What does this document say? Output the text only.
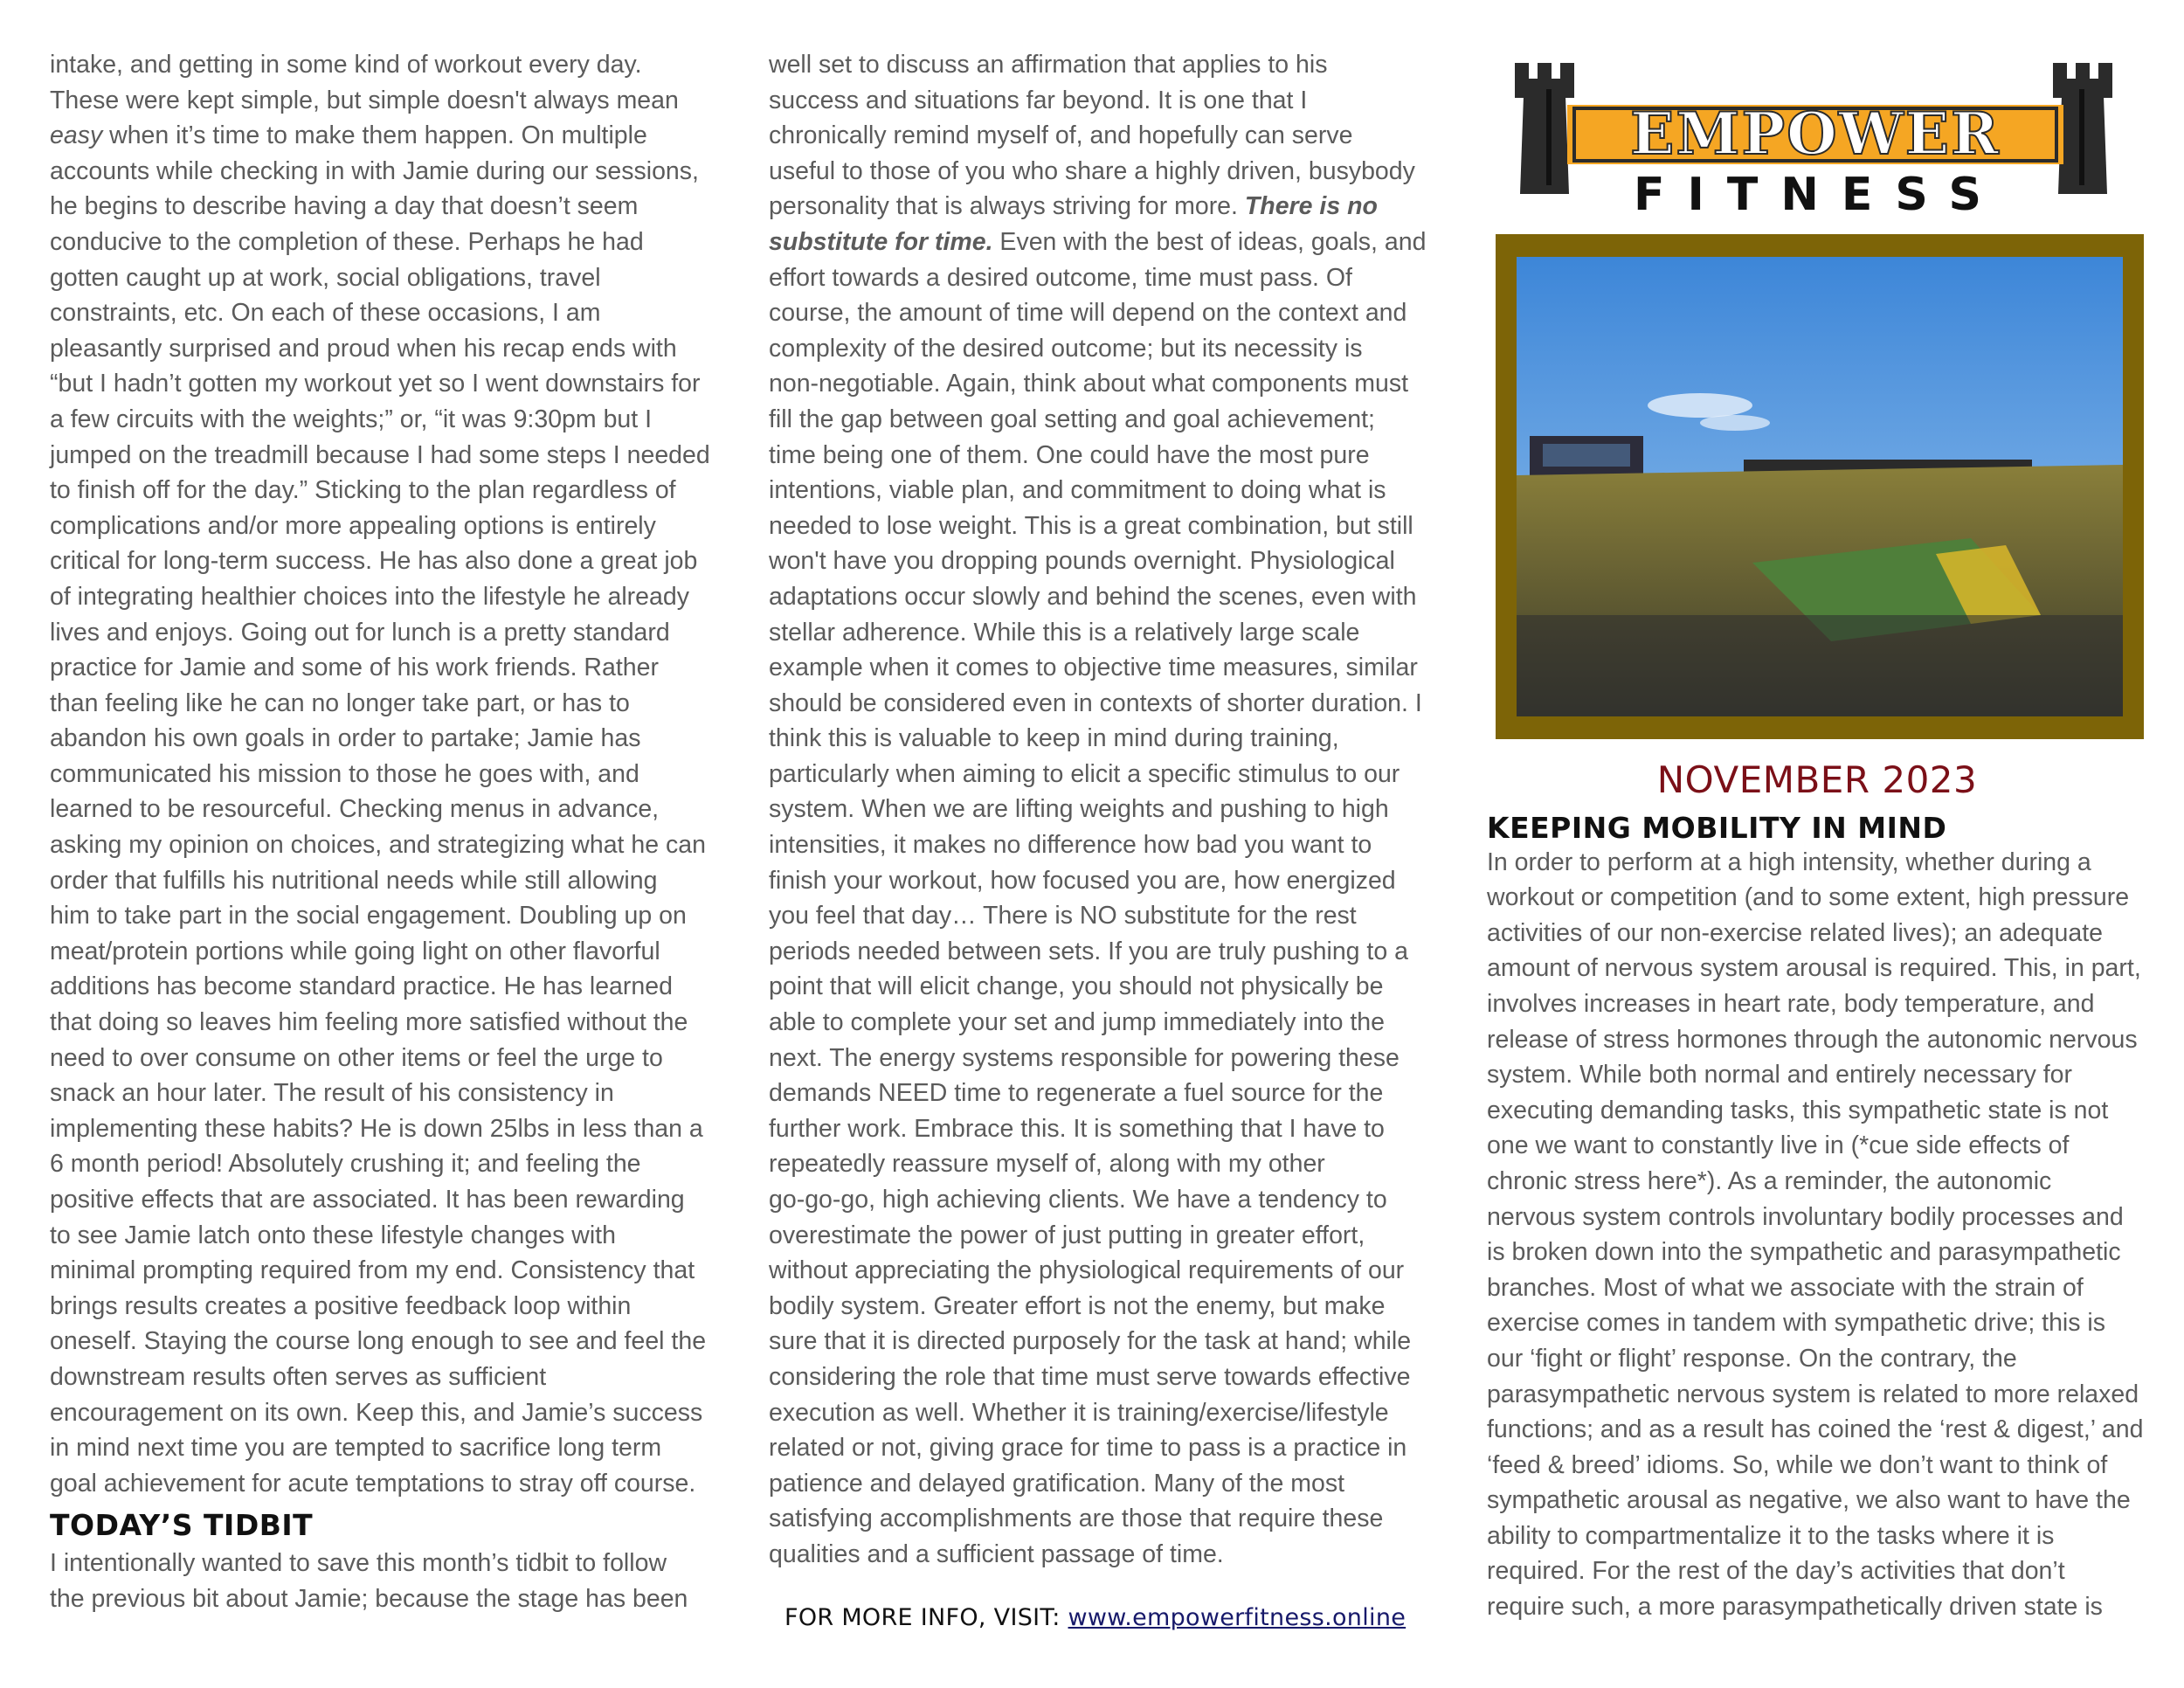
intake, and getting in some kind of workout every day.

These were kept simple, but simple doesn't always mean

easy when it’s time to make them happen. On multiple

accounts while checking in with Jamie during our sessions,

he begins to describe having a day that doesn’t seem

conducive to the completion of these. Perhaps he had

gotten caught up at work, social obligations, travel

constraints, etc. On each of these occasions, I am

pleasantly surprised and proud when his recap ends with

“but I hadn’t gotten my workout yet so I went downstairs for

a few circuits with the weights;” or, “it was 9:30pm but I

jumped on the treadmill because I had some steps I needed

to finish off for the day.” Sticking to the plan regardless of

complications and/or more appealing options is entirely

critical for long-term success. He has also done a great job

of integrating healthier choices into the lifestyle he already

lives and enjoys. Going out for lunch is a pretty standard

practice for Jamie and some of his work friends. Rather

than feeling like he can no longer take part, or has to

abandon his own goals in order to partake; Jamie has

communicated his mission to those he goes with, and

learned to be resourceful. Checking menus in advance,

asking my opinion on choices, and strategizing what he can

order that fulfills his nutritional needs while still allowing

him to take part in the social engagement. Doubling up on

meat/protein portions while going light on other flavorful

additions has become standard practice. He has learned

that doing so leaves him feeling more satisfied without the

need to over consume on other items or feel the urge to

snack an hour later. The result of his consistency in

implementing these habits? He is down 25lbs in less than a

6 month period! Absolutely crushing it; and feeling the

positive effects that are associated. It has been rewarding

to see Jamie latch onto these lifestyle changes with

minimal prompting required from my end. Consistency that

brings results creates a positive feedback loop within

oneself. Staying the course long enough to see and feel the

downstream results often serves as sufficient

encouragement on its own. Keep this, and Jamie’s success

in mind next time you are tempted to sacrifice long term

goal achievement for acute temptations to stray off course.

TODAY’S TIDBIT

I intentionally wanted to save this month’s tidbit to follow

the previous bit about Jamie; because the stage has been

well set to discuss an affirmation that applies to his

success and situations far beyond. It is one that I

chronically remind myself of, and hopefully can serve

useful to those of you who share a highly driven, busybody

personality that is always striving for more. There is no

substitute for time. Even with the best of ideas, goals, and

effort towards a desired outcome, time must pass. Of

course, the amount of time will depend on the context and

complexity of the desired outcome; but its necessity is

non-negotiable. Again, think about what components must

fill the gap between goal setting and goal achievement;

time being one of them. One could have the most pure

intentions, viable plan, and commitment to doing what is

needed to lose weight. This is a great combination, but still

won't have you dropping pounds overnight. Physiological

adaptations occur slowly and behind the scenes, even with

stellar adherence. While this is a relatively large scale

example when it comes to objective time measures, similar

should be considered even in contexts of shorter duration. I

think this is valuable to keep in mind during training,

particularly when aiming to elicit a specific stimulus to our

system. When we are lifting weights and pushing to high

intensities, it makes no difference how bad you want to

finish your workout, how focused you are, how energized

you feel that day… There is NO substitute for the rest

periods needed between sets. If you are truly pushing to a

point that will elicit change, you should not physically be

able to complete your set and jump immediately into the

next. The energy systems responsible for powering these

demands NEED time to regenerate a fuel source for the

further work. Embrace this. It is something that I have to

repeatedly reassure myself of, along with my other

go-go-go, high achieving clients. We have a tendency to

overestimate the power of just putting in greater effort,

without appreciating the physiological requirements of our

bodily system. Greater effort is not the enemy, but make

sure that it is directed purposely for the task at hand; while

considering the role that time must serve towards effective

execution as well. Whether it is training/exercise/lifestyle

related or not, giving grace for time to pass is a practice in

patience and delayed gratification. Many of the most

satisfying accomplishments are those that require these

qualities and a sufficient passage of time.

EMPOWER
FITNESS
NOVEMBER 2023
KEEPING MOBILITY IN MIND

In order to perform at a high intensity, whether during a

workout or competition (and to some extent, high pressure

activities of our non-exercise related lives); an adequate

amount of nervous system arousal is required. This, in part,

involves increases in heart rate, body temperature, and

release of stress hormones through the autonomic nervous

system. While both normal and entirely necessary for

executing demanding tasks, this sympathetic state is not

one we want to constantly live in (*cue side effects of

chronic stress here*). As a reminder, the autonomic

nervous system controls involuntary bodily processes and

is broken down into the sympathetic and parasympathetic

branches. Most of what we associate with the strain of

exercise comes in tandem with sympathetic drive; this is

our ‘fight or flight’ response. On the contrary, the

parasympathetic nervous system is related to more relaxed

functions; and as a result has coined the ‘rest & digest,’ and

‘feed & breed’ idioms. So, while we don’t want to think of

sympathetic arousal as negative, we also want to have the

ability to compartmentalize it to the tasks where it is

required. For the rest of the day’s activities that don’t

require such, a more parasympathetically driven state is

FOR MORE INFO, VISIT: www.empowerfitness.online
